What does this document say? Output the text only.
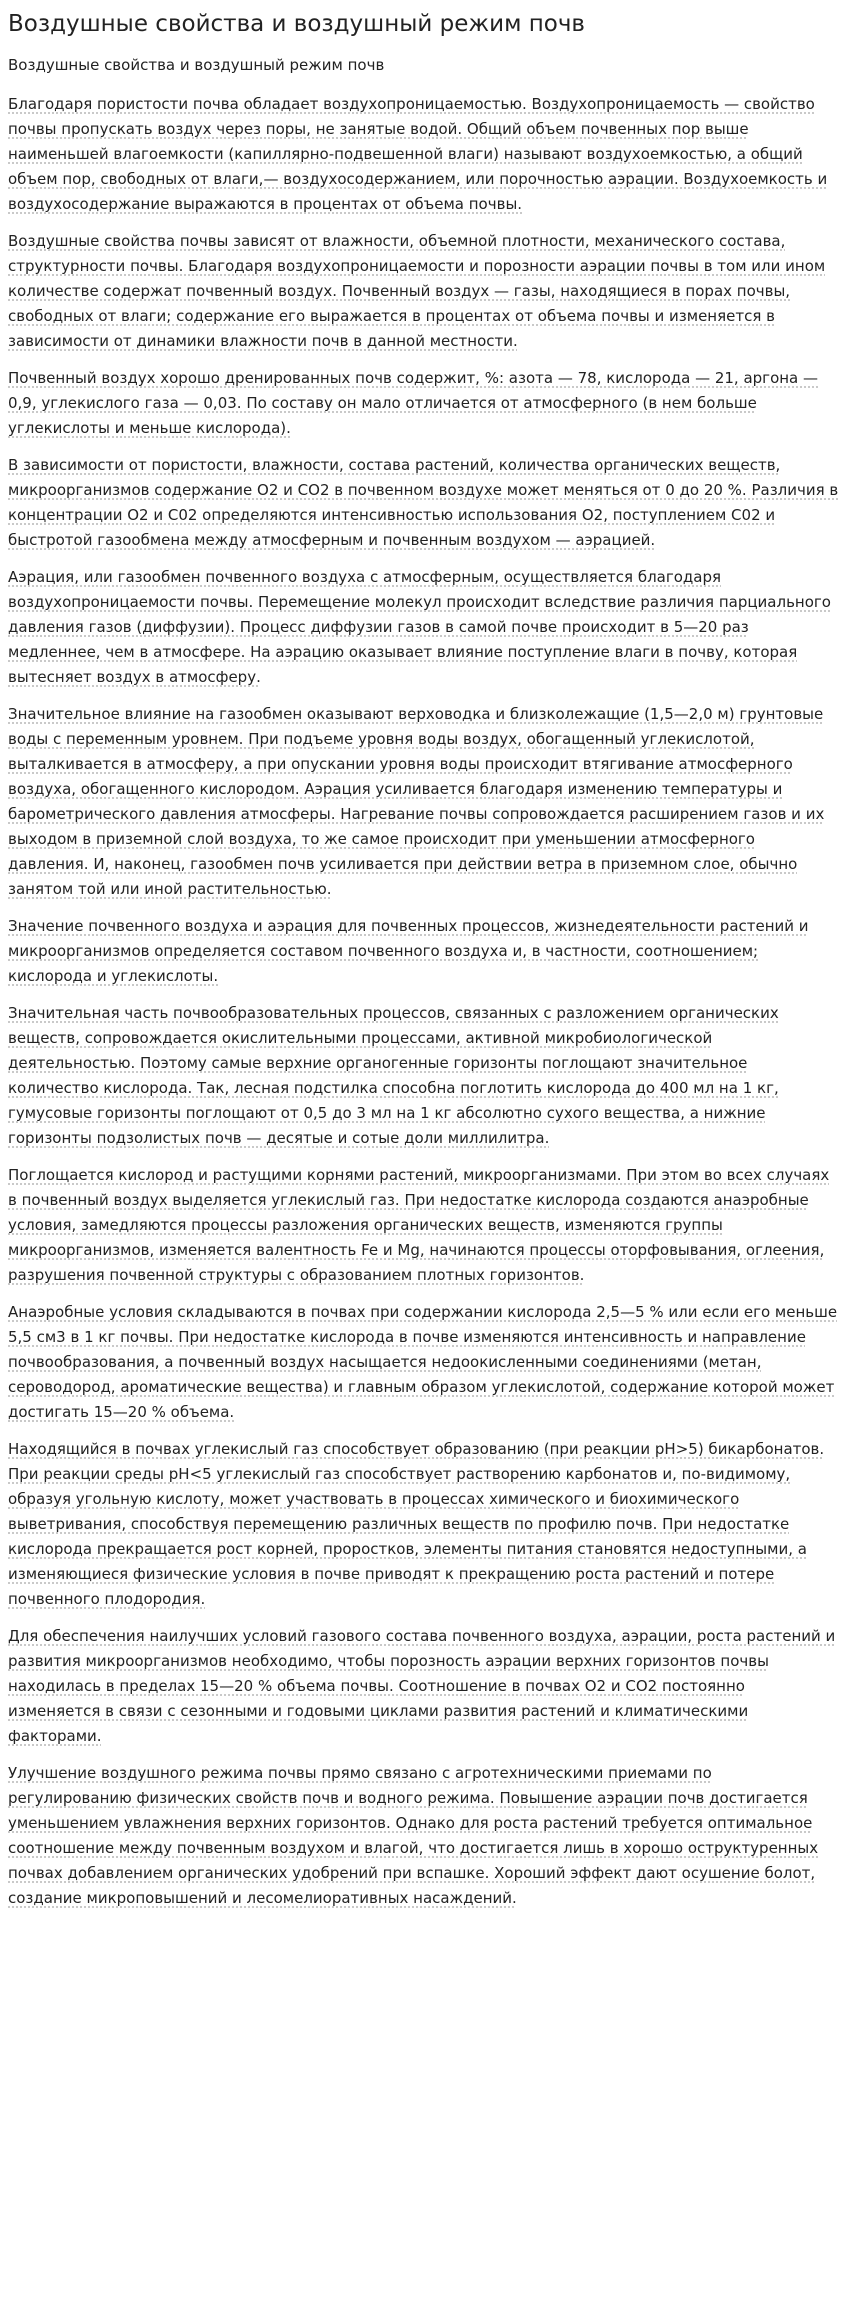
Воздушные свойства и воздушный режим почв
Воздушные свойства и воздушный режим почв

Благодаря пористости почва обладает воздухопроницаемостью. Воздухопроницаемость — свойство почвы пропускать воздух через поры, не занятые водой. Общий объем почвенных пор выше наименьшей влагоемкости (капиллярно-подвешенной влаги) называют воздухоемкостью, а общий объем пор, свободных от влаги,— воздухосодержанием, или порочностью аэрации. Воздухоемкость и воздухосодержание выражаются в процентах от объема почвы.

Воздушные свойства почвы зависят от влажности, объемной плотности, механического состава, структурности почвы. Благодаря воздухопроницаемости и порозности аэрации почвы в том или ином количестве содержат почвенный воздух. Почвенный воздух — газы, находящиеся в порах почвы, свободных от влаги; содержание его выражается в процентах от объема почвы и изменяется в зависимости от динамики влажности почв в данной местности.

Почвенный воздух хорошо дренированных почв содержит, %: азота — 78, кислорода — 21, аргона — 0,9, углекислого газа — 0,03. По составу он мало отличается от атмосферного (в нем больше углекислоты и меньше кислорода).

В зависимости от пористости, влажности, состава растений, количества органических веществ, микроорганизмов содержание О2 и СО2 в почвенном воздухе может меняться от 0 до 20 %. Различия в концентрации О2 и С02 определяются интенсивностью использования О2, поступлением С02 и быстротой газообмена между атмосферным и почвенным воздухом — аэрацией.

Аэрация, или газообмен почвенного воздуха с атмосферным, осуществляется благодаря воздухопроницаемости почвы. Перемещение молекул происходит вследствие различия парциального давления газов (диффузии). Процесс диффузии газов в самой почве происходит в 5—20 раз медленнее, чем в атмосфере. На аэрацию оказывает влияние поступление влаги в почву, которая вытесняет воздух в атмосферу.

Значительное влияние на газообмен оказывают верховодка и близколежащие (1,5—2,0 м) грунтовые воды с переменным уровнем. При подъеме уровня воды воздух, обогащенный углекислотой, выталкивается в атмосферу, а при опускании уровня воды происходит втягивание атмосферного воздуха, обогащенного кислородом. Аэрация усиливается благодаря изменению температуры и барометрического давления атмосферы. Нагревание почвы сопровождается расширением газов и их выходом в приземной слой воздуха, то же самое происходит при уменьшении атмосферного давления. И, наконец, газообмен почв усиливается при действии ветра в приземном слое, обычно занятом той или иной растительностью.

Значение почвенного воздуха и аэрация для почвенных процессов, жизнедеятельности растений и микроорганизмов определяется составом почвенного воздуха и, в частности, соотношением; кислорода и углекислоты.

Значительная часть почвообразовательных процессов, связанных с разложением органических веществ, сопровождается окислительными процессами, активной микробиологической деятельностью. Поэтому самые верхние органогенные горизонты поглощают значительное количество кислорода. Так, лесная подстилка способна поглотить кислорода до 400 мл на 1 кг, гумусовые горизонты поглощают от 0,5 до 3 мл на 1 кг абсолютно сухого вещества, а нижние горизонты подзолистых почв — десятые и сотые доли миллилитра.

Поглощается кислород и растущими корнями растений, микроорганизмами. При этом во всех случаях в почвенный воздух выделяется углекислый газ. При недостатке кислорода создаются анаэробные условия, замедляются процессы разложения органических веществ, изменяются группы микроорганизмов, изменяется валентность Fe и Mg, начинаются процессы оторфовывания, оглеения, разрушения почвенной структуры с образованием плотных горизонтов.

Анаэробные условия складываются в почвах при содержании кислорода 2,5—5 % или если его меньше 5,5 см3 в 1 кг почвы. При недостатке кислорода в почве изменяются интенсивность и направление почвообразования, а почвенный воздух насыщается недоокисленными соединениями (метан, сероводород, ароматические вещества) и главным образом углекислотой, содержание которой может достигать 15—20 % объема.

Находящийся в почвах углекислый газ способствует образованию (при реакции pH>5) бикарбонатов. При реакции среды pH<5 углекислый газ способствует растворению карбонатов и, по-видимому, образуя угольную кислоту, может участвовать в процессах химического и биохимического выветривания, способствуя перемещению различных веществ по профилю почв. При недостатке кислорода прекращается рост корней, проростков, элементы питания становятся недоступными, а изменяющиеся физические условия в почве приводят к прекращению роста растений и потере почвенного плодородия.

Для обеспечения наилучших условий газового состава почвенного воздуха, аэрации, роста растений и развития микроорганизмов необходимо, чтобы порозность аэрации верхних горизонтов почвы находилась в пределах 15—20 % объема почвы. Соотношение в почвах О2 и СО2 постоянно изменяется в связи с сезонными и годовыми циклами развития растений и климатическими факторами.

Улучшение воздушного режима почвы прямо связано с агротехническими приемами по регулированию физических свойств почв и водного режима. Повышение аэрации почв достигается уменьшением увлажнения верхних горизонтов. Однако для роста растений требуется оптимальное соотношение между почвенным воздухом и влагой, что достигается лишь в хорошо оструктуренных почвах добавлением органических удобрений при вспашке. Хороший эффект дают осушение болот, создание микроповышений и лесомелиоративных насаждений.
